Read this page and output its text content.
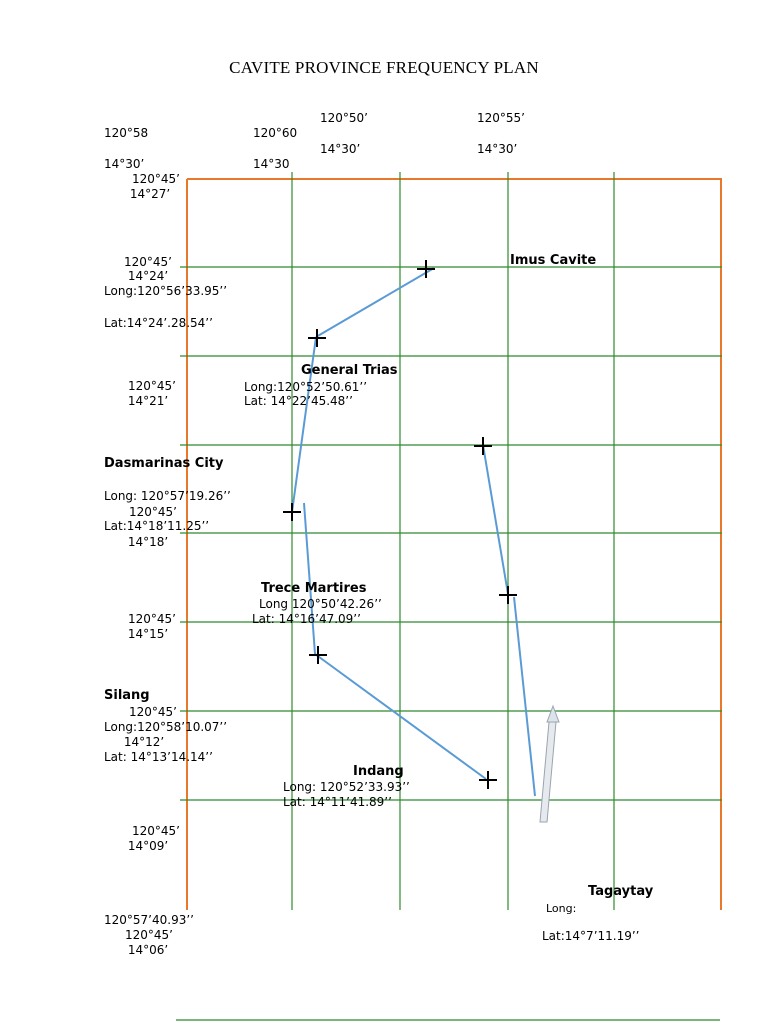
CAVITE PROVINCE FREQUENCY PLAN
120°58
14°30’
120°60
14°30
120°50’
14°30’
120°55’
14°30’
120°45’
14°27’
120°45’
14°24’
120°45’
14°21’
120°45’
14°18’
120°45’
14°15’
120°45’
14°12’
120°45’
14°09’
120°45’
14°06’
Imus Cavite
Long:120°56’33.95’’
Lat:14°24’.28.54’’
General Trias
Long:120°52’50.61’’
Lat: 14°22’45.48’’
Dasmarinas City
Long: 120°57’19.26’’
Lat:14°18’11.25’’
Trece Martires
Long 120°50’42.26’’
Lat: 14°16’47.09’’
Silang
Long:120°58’10.07’’
Lat: 14°13’14.14’’
Indang
Long: 120°52’33.93’’
Lat: 14°11’41.89’’
Tagaytay
Long:
Lat:14°7’11.19’’
120°57’40.93’’
